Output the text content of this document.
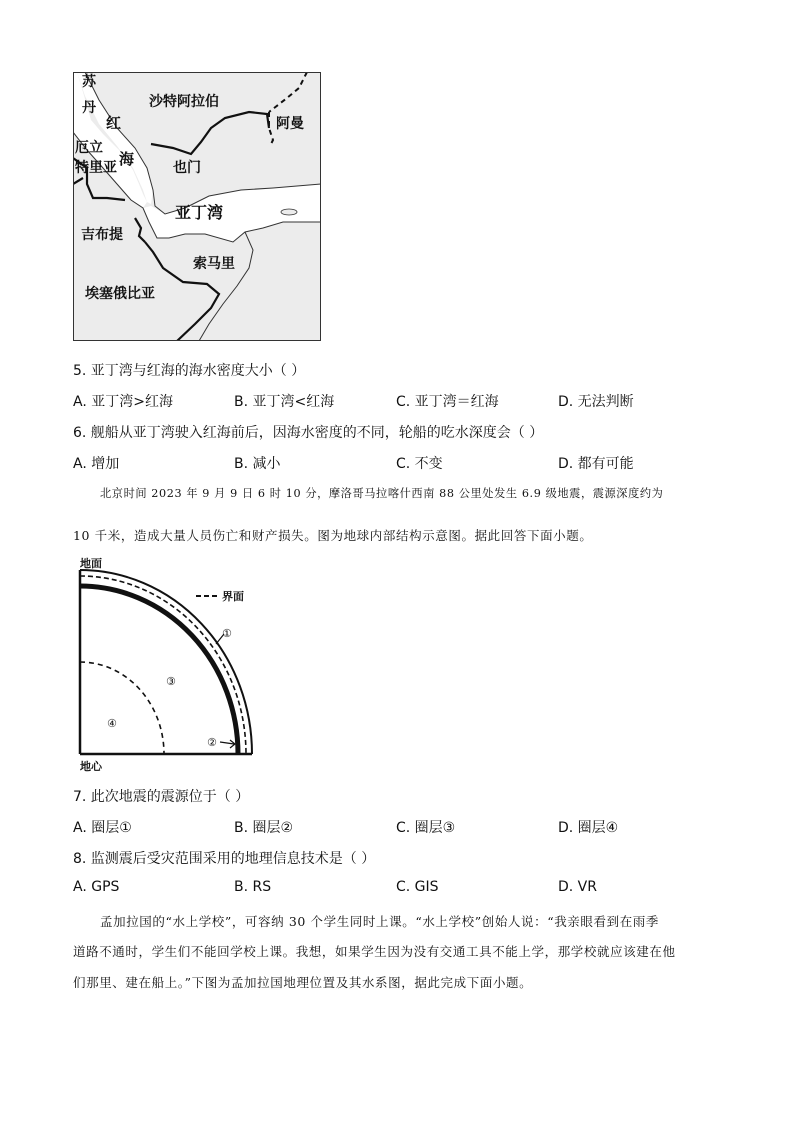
苏
丹	沙特阿拉伯
阿曼
红
海
厄立
特里亚	也门
亚丁湾
吉布提
索马里
埃塞俄比亚
5. 亚丁湾与红海的海水密度大小（ ）
A. 亚丁湾>红海	B. 亚丁湾<红海	C. 亚丁湾＝红海	D. 无法判断
6. 舰船从亚丁湾驶入红海前后，因海水密度的不同，轮船的吃水深度会（ ）
A. 增加	B. 减小	C. 不变	D. 都有可能
北京时间 2023 年 9 月 9 日 6 时 10 分，摩洛哥马拉喀什西南 88 公里处发生 6.9 级地震，震源深度约为
10 千米，造成大量人员伤亡和财产损失。图为地球内部结构示意图。据此回答下面小题。
界面
地面
地心
①
③
④
②
7. 此次地震的震源位于（ ）
A. 圈层①	B. 圈层②	C. 圈层③	D. 圈层④
8. 监测震后受灾范围采用的地理信息技术是（ ）
A. GPS	B. RS	C. GIS	D. VR
孟加拉国的“水上学校”，可容纳 30 个学生同时上课。“水上学校”创始人说：“我亲眼看到在雨季
道路不通时，学生们不能回学校上课。我想，如果学生因为没有交通工具不能上学，那学校就应该建在他
们那里、建在船上。”下图为孟加拉国地理位置及其水系图，据此完成下面小题。
